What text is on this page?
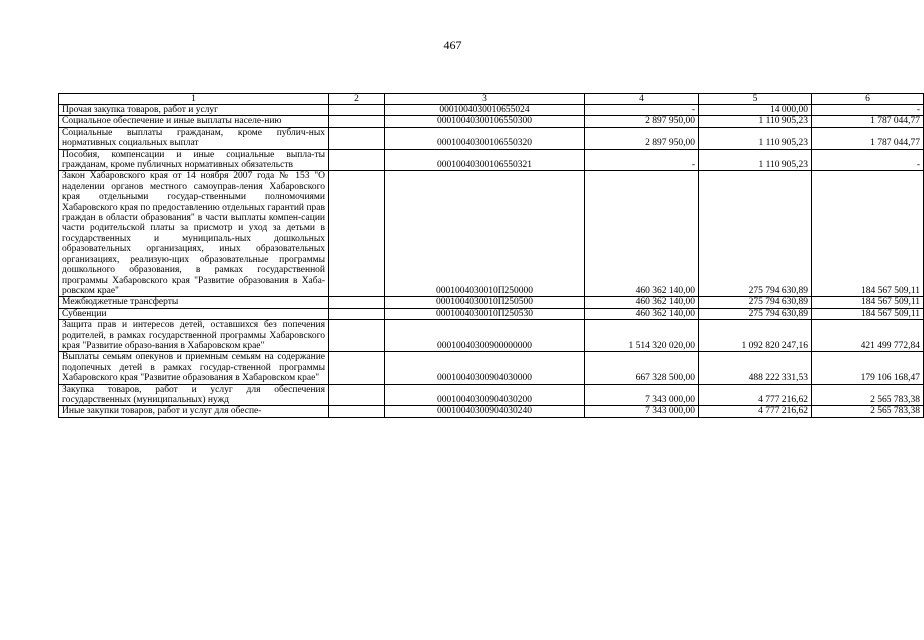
467
1	2	3	4	5	6
Прочая закупка товаров, работ и услуг		0001004030010655024	-	14 000,00	-
Социальное обеспечение и иные выплаты населе-нию		00010040300106550300	2 897 950,00	1 110 905,23	1 787 044,77
Социальные выплаты гражданам, кроме публич-ных нормативных социальных выплат		00010040300106550320	2 897 950,00	1 110 905,23	1 787 044,77
Пособия, компенсации и иные социальные выпла-ты гражданам, кроме публичных нормативных обязательств		00010040300106550321	-	1 110 905,23	-
Закон Хабаровского края от 14 ноября 2007 года № 153 "О наделении органов местного самоуправ-ления Хабаровского края отдельными государ-ственными полномочиями Хабаровского края по предоставлению отдельных гарантий прав граждан в области образования" в части выплаты компен-сации части родительской платы за присмотр и уход за детьми в государственных и муниципаль-ных дошкольных образовательных организациях, иных образовательных организациях, реализую-щих образовательные программы дошкольного образования, в рамках государственной программы Хабаровского края "Развитие образования в Хаба-ровском крае"		0001004030010П250000	460 362 140,00	275 794 630,89	184 567 509,11
Межбюджетные трансферты		0001004030010П250500	460 362 140,00	275 794 630,89	184 567 509,11
Субвенции		0001004030010П250530	460 362 140,00	275 794 630,89	184 567 509,11
Защита прав и интересов детей, оставшихся без попечения родителей, в рамках государственной программы Хабаровского края "Развитие образо-вания в Хабаровском крае"		00010040300900000000	1 514 320 020,00	1 092 820 247,16	421 499 772,84
Выплаты семьям опекунов и приемным семьям на содержание подопечных детей в рамках государ-ственной программы Хабаровского края "Развитие образования в Хабаровском крае"		00010040300904030000	667 328 500,00	488 222 331,53	179 106 168,47
Закупка товаров, работ и услуг для обеспечения государственных (муниципальных) нужд		00010040300904030200	7 343 000,00	4 777 216,62	2 565 783,38
Иные закупки товаров, работ и услуг для обеспе-		00010040300904030240	7 343 000,00	4 777 216,62	2 565 783,38
